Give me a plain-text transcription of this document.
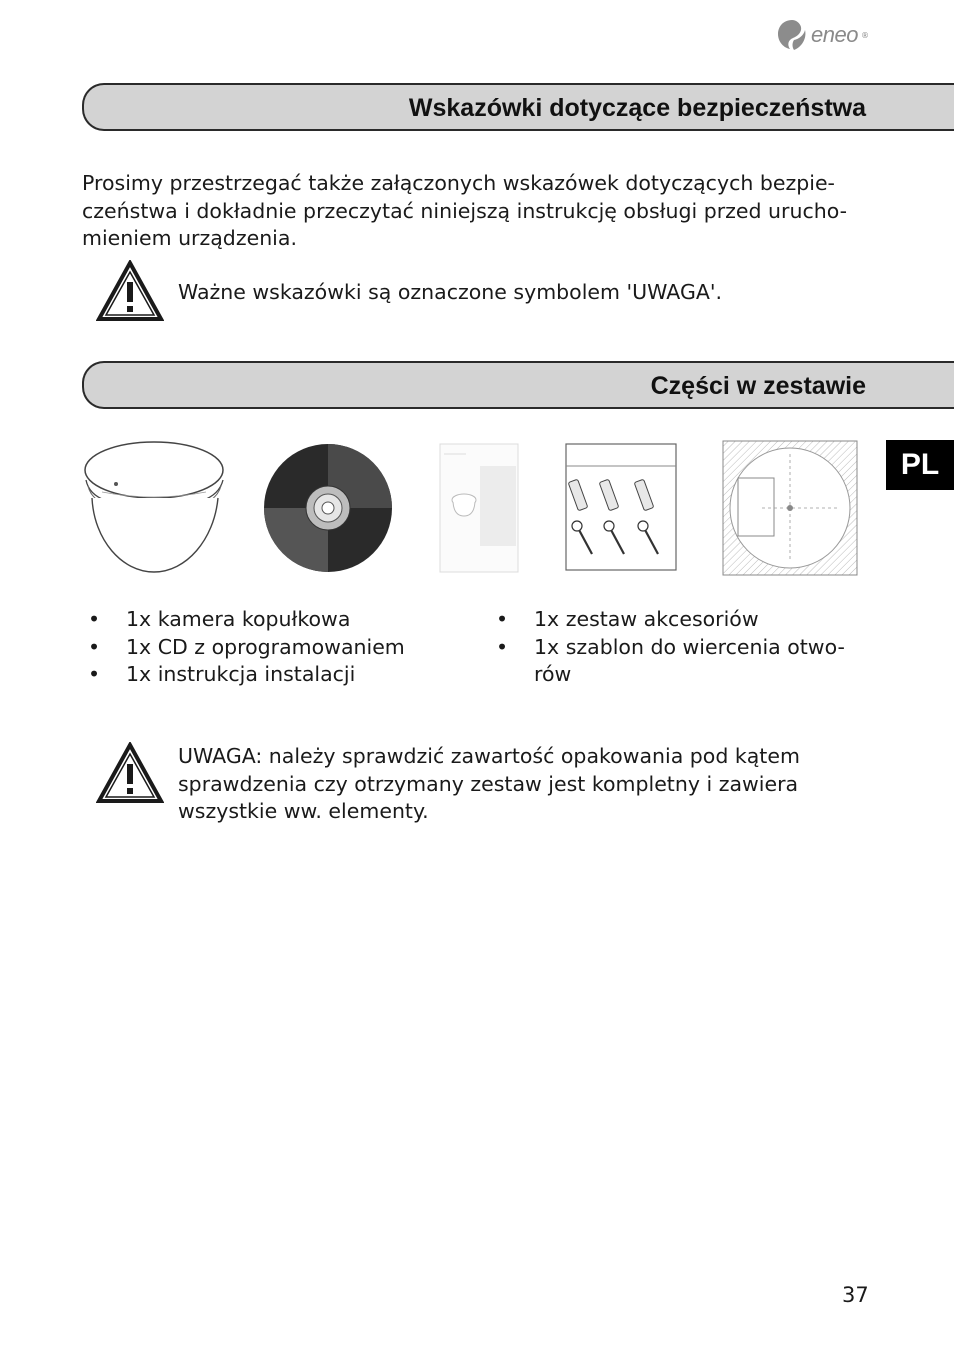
eneo ®
Wskazówki dotyczące bezpieczeństwa

Prosimy przestrzegać także załączonych wskazówek dotyczących bezpie-
czeństwa i dokładnie przeczytać niniejszą instrukcję obsługi przed urucho-
mieniem urządzenia.

Ważne wskazówki są oznaczone symbolem 'UWAGA'.

Części w zestawie
PL
• 1x kamera kopułkowa
• 1x CD z oprogramowaniem
• 1x instrukcja instalacji
• 1x zestaw akcesoriów
• 1x szablon do wiercenia otwo-
rów

UWAGA: należy sprawdzić zawartość opakowania pod kątem
sprawdzenia czy otrzymany zestaw jest kompletny i zawiera
wszystkie ww. elementy.

37
